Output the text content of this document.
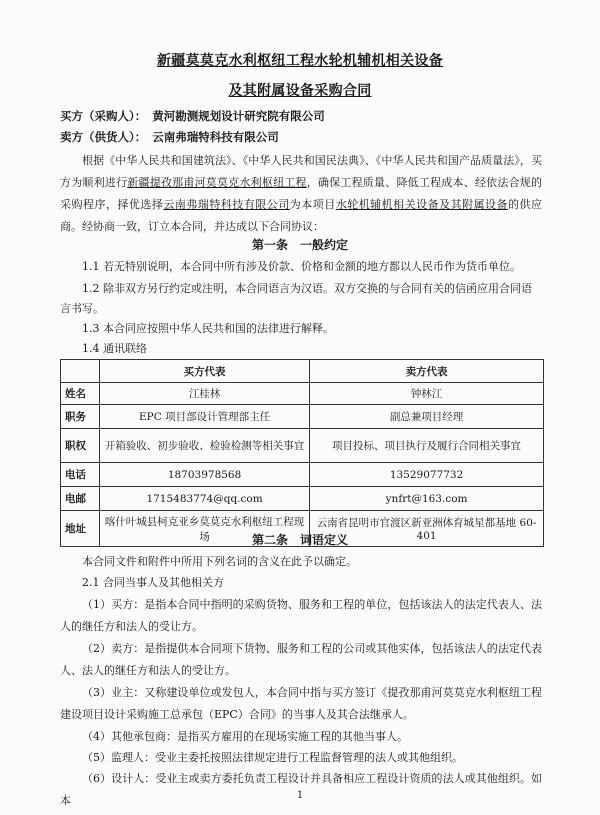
新疆莫莫克水利枢纽工程水轮机辅机相关设备
及其附属设备采购合同
买方（采购人）： 黄河勘测规划设计研究院有限公司
卖方（供货人）： 云南弗瑞特科技有限公司
根据《中华人民共和国建筑法》、《中华人民共和国民法典》、《中华人民共和国产品质量法》，买方为顺利进行新疆提孜那甫河莫莫克水利枢纽工程，确保工程质量、降低工程成本、经依法合规的采购程序，择优选择云南弗瑞特科技有限公司为本项目水轮机辅机相关设备及其附属设备的供应商。经协商一致，订立本合同，并达成以下合同协议：
第一条　一般约定
1.1 若无特别说明，本合同中所有涉及价款、价格和金额的地方都以人民币作为货币单位。
1.2 除非双方另行约定或注明，本合同语言为汉语。双方交换的与合同有关的信函应用合同语言书写。
1.3 本合同应按照中华人民共和国的法律进行解释。
1.4 通讯联络
	买方代表	卖方代表
姓名	江桂林	钟林江
职务	EPC 项目部设计管理部主任	副总兼项目经理
职权	开箱验收、初步验收、检验检测等相关事宜	项目投标、项目执行及履行合同相关事宜
电话	18703978568	13529077732
电邮	1715483774@qq.com	ynfrt@163.com
地址	喀什叶城县柯克亚乡莫莫克水利枢纽工程现场	云南省昆明市官渡区新亚洲体育城星都基地 60-401
第二条　词语定义
本合同文件和附件中所用下列名词的含义在此予以确定。
2.1 合同当事人及其他相关方
（1）买方：是指本合同中指明的采购货物、服务和工程的单位，包括该法人的法定代表人、法人的继任方和法人的受让方。
（2）卖方：是指提供本合同项下货物、服务和工程的公司或其他实体，包括该法人的法定代表人、法人的继任方和法人的受让方。
（3）业主：又称建设单位或发包人，本合同中指与买方签订《提孜那甫河莫莫克水利枢纽工程建设项目设计采购施工总承包（EPC）合同》的当事人及其合法继承人。
（4）其他承包商：是指买方雇用的在现场实施工程的其他当事人。
（5）监理人：受业主委托按照法律规定进行工程监督管理的法人或其他组织。
（6）设计人：受业主或卖方委托负责工程设计并具备相应工程设计资质的法人或其他组织。如本	1
